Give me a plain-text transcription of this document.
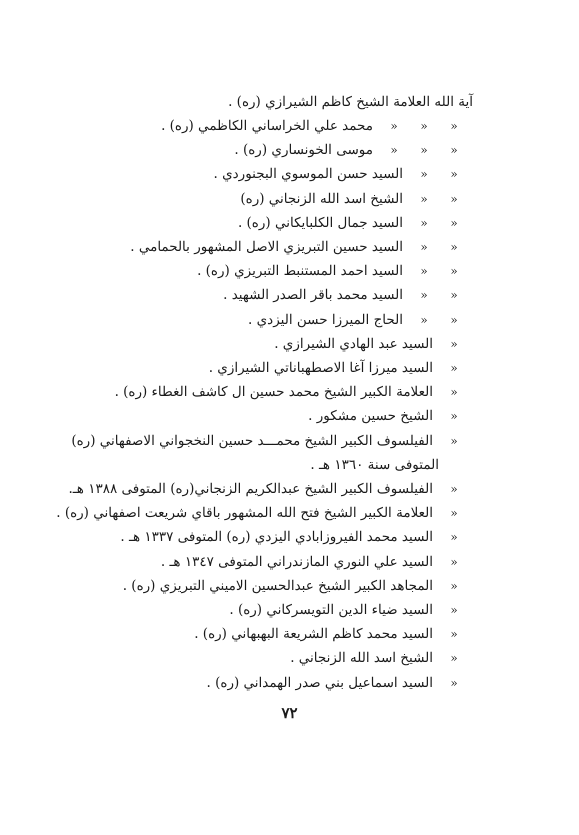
آية الله العلامة الشيخ كاظم الشيرازي (ره) .
«
«
«
محمد علي الخراساني الكاظمي (ره) .
«
«
«
موسى الخونساري (ره) .
«
«
السيد حسن الموسوي البجنوردي .
«
«
الشيخ اسد الله الزنجاني (ره)
«
«
السيد جمال الكلبايكاني (ره) .
«
«
السيد حسين التبريزي الاصل المشهور بالحمامي .
«
«
السيد احمد المستنبط التبريزي (ره) .
«
«
السيد محمد باقر الصدر الشهيد .
«
«
الحاج الميرزا حسن اليزدي .
«
السيد عبد الهادي الشيرازي .
«
السيد ميرزا آغا الاصطهباناتي الشيرازي .
«
العلامة الكبير الشيخ محمد حسين ال كاشف الغطاء (ره) .
«
الشيخ حسين مشكور .
«
الفيلسوف الكبير الشيخ محمـــد حسين النخجواني الاصفهاني (ره)
المتوفى سنة ١٣٦٠ هـ .
«
الفيلسوف الكبير الشيخ عبدالكريم الزنجاني(ره) المتوفى ١٣٨٨ هـ.
«
العلامة الكبير الشيخ فتح الله المشهور باقاي شريعت اصفهاني (ره) .
«
السيد محمد الفيروزابادي اليزدي (ره) المتوفى ١٣٣٧ هـ .
«
السيد علي النوري المازندراني المتوفى ١٣٤٧ هـ .
«
المجاهد الكبير الشيخ عبدالحسين الاميني التبريزي (ره) .
«
السيد ضياء الدين التويسركاني (ره) .
«
السيد محمد كاظم الشريعة البهبهاني (ره) .
«
الشيخ اسد الله الزنجاني .
«
السيد اسماعيل بني صدر الهمداني (ره) .
٧٢
